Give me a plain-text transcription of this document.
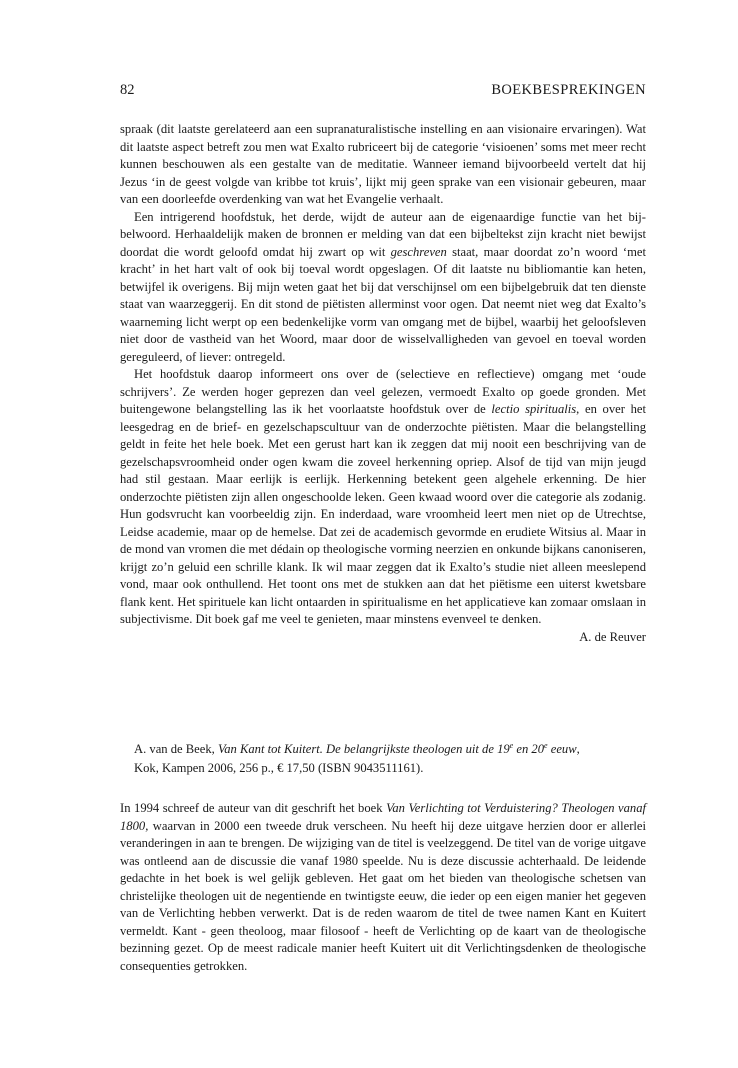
82	BOEKBESPREKINGEN

spraak (dit laatste gerelateerd aan een supranaturalistische instelling en aan visionaire ervaringen). Wat dit laatste aspect betreft zou men wat Exalto rubriceert bij de categorie ‘visioenen’ soms met meer recht kunnen beschouwen als een gestalte van de meditatie. Wanneer iemand bijvoorbeeld vertelt dat hij Jezus ‘in de geest volgde van kribbe tot kruis’, lijkt mij geen sprake van een visionair gebeuren, maar van een doorleefde overdenking van wat het Evangelie verhaalt.

Een intrigerend hoofdstuk, het derde, wijdt de auteur aan de eigenaardige functie van het bijbelwoord. Herhaaldelijk maken de bronnen er melding van dat een bijbeltekst zijn kracht niet bewijst doordat die wordt geloofd omdat hij zwart op wit geschreven staat, maar doordat zo’n woord ‘met kracht’ in het hart valt of ook bij toeval wordt opgeslagen. Of dit laatste nu bibliomantie kan heten, betwijfel ik overigens. Bij mijn weten gaat het bij dat verschijnsel om een bijbelgebruik dat ten dienste staat van waarzeggerij. En dit stond de piëtisten allerminst voor ogen. Dat neemt niet weg dat Exalto’s waarneming licht werpt op een bedenkelijke vorm van omgang met de bijbel, waarbij het geloofsleven niet door de vastheid van het Woord, maar door de wisselvalligheden van gevoel en toeval worden gereguleerd, of liever: ontregeld.

Het hoofdstuk daarop informeert ons over de (selectieve en reflectieve) omgang met ‘oude schrijvers’. Ze werden hoger geprezen dan veel gelezen, vermoedt Exalto op goede gronden. Met buitengewone belangstelling las ik het voorlaatste hoofdstuk over de lectio spiritualis, en over het leesgedrag en de brief- en gezelschapscultuur van de onderzochte piëtisten. Maar die belangstelling geldt in feite het hele boek. Met een gerust hart kan ik zeggen dat mij nooit een beschrijving van de gezelschapsvroomheid onder ogen kwam die zoveel herkenning opriep. Alsof de tijd van mijn jeugd had stil gestaan. Maar eerlijk is eerlijk. Herkenning betekent geen algehele erkenning. De hier onderzochte piëtisten zijn allen ongeschoolde leken. Geen kwaad woord over die categorie als zodanig. Hun godsvrucht kan voorbeeldig zijn. En inderdaad, ware vroomheid leert men niet op de Utrechtse, Leidse academie, maar op de hemelse. Dat zei de academisch gevormde en erudiete Witsius al. Maar in de mond van vromen die met dédain op theologische vorming neerzien en onkunde bijkans canoniseren, krijgt zo’n geluid een schrille klank. Ik wil maar zeggen dat ik Exalto’s studie niet alleen meeslepend vond, maar ook onthullend. Het toont ons met de stukken aan dat het piëtisme een uiterst kwetsbare flank kent. Het spirituele kan licht ontaarden in spiritualisme en het applicatieve kan zomaar omslaan in subjectivisme. Dit boek gaf me veel te genieten, maar minstens evenveel te denken.

A. de Reuver

A. van de Beek, Van Kant tot Kuitert. De belangrijkste theologen uit de 19e en 20e eeuw,

Kok, Kampen 2006, 256 p., € 17,50 (ISBN 9043511161).

In 1994 schreef de auteur van dit geschrift het boek Van Verlichting tot Verduistering? Theologen vanaf 1800, waarvan in 2000 een tweede druk verscheen. Nu heeft hij deze uitgave herzien door er allerlei veranderingen in aan te brengen. De wijziging van de titel is veelzeggend. De titel van de vorige uitgave was ontleend aan de discussie die vanaf 1980 speelde. Nu is deze discussie achterhaald. De leidende gedachte in het boek is wel gelijk gebleven. Het gaat om het bieden van theologische schetsen van christelijke theologen uit de negentiende en twintigste eeuw, die ieder op een eigen manier het gegeven van de Verlichting hebben verwerkt. Dat is de reden waarom de titel de twee namen Kant en Kuitert vermeldt. Kant - geen theoloog, maar filosoof - heeft de Verlichting op de kaart van de theologische bezinning gezet. Op de meest radicale manier heeft Kuitert uit dit Verlichtingsdenken de theologische consequenties getrokken.
